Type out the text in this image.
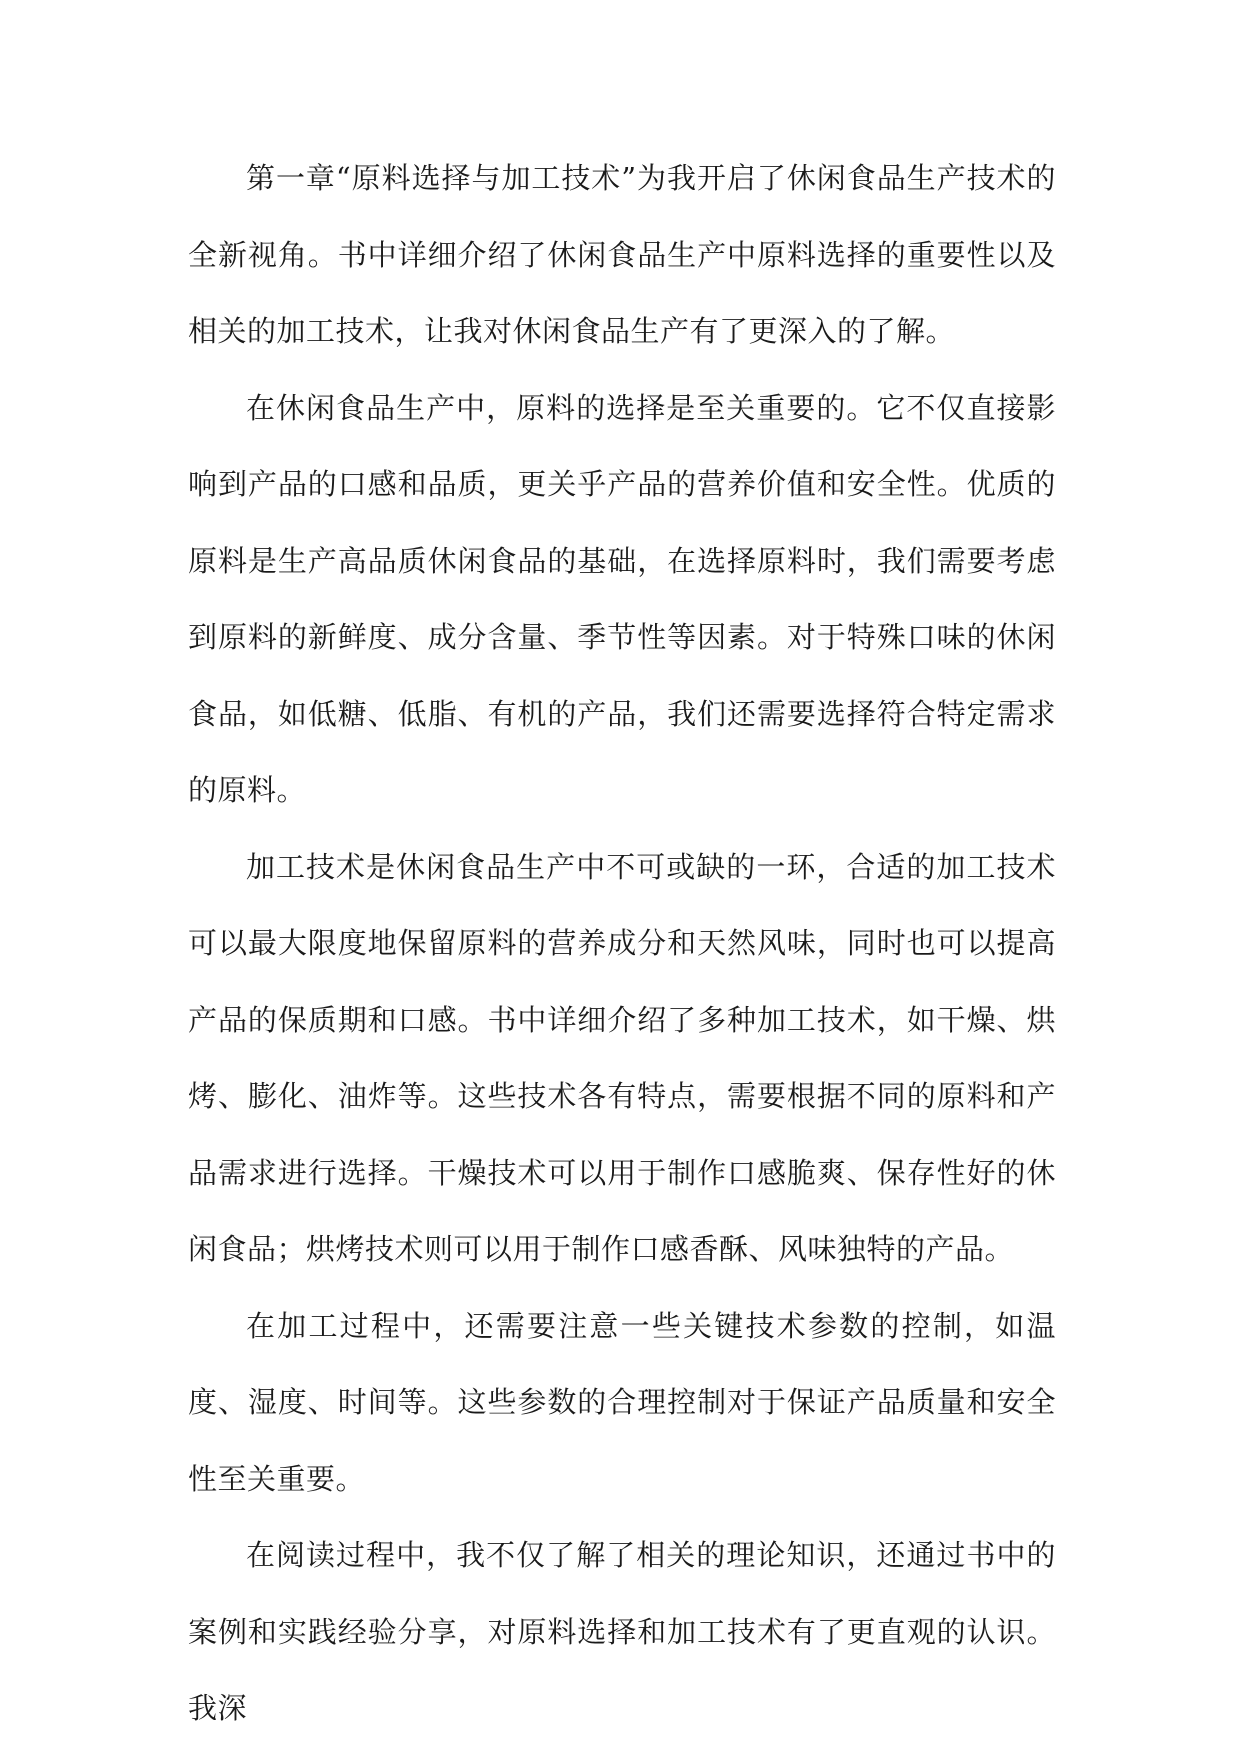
第一章“原料选择与加工技术”为我开启了休闲食品生产技术的全新视角。书中详细介绍了休闲食品生产中原料选择的重要性以及相关的加工技术，让我对休闲食品生产有了更深入的了解。

在休闲食品生产中，原料的选择是至关重要的。它不仅直接影响到产品的口感和品质，更关乎产品的营养价值和安全性。优质的原料是生产高品质休闲食品的基础，在选择原料时，我们需要考虑到原料的新鲜度、成分含量、季节性等因素。对于特殊口味的休闲食品，如低糖、低脂、有机的产品，我们还需要选择符合特定需求的原料。

加工技术是休闲食品生产中不可或缺的一环，合适的加工技术可以最大限度地保留原料的营养成分和天然风味，同时也可以提高产品的保质期和口感。书中详细介绍了多种加工技术，如干燥、烘烤、膨化、油炸等。这些技术各有特点，需要根据不同的原料和产品需求进行选择。干燥技术可以用于制作口感脆爽、保存性好的休闲食品；烘烤技术则可以用于制作口感香酥、风味独特的产品。

在加工过程中，还需要注意一些关键技术参数的控制，如温度、湿度、时间等。这些参数的合理控制对于保证产品质量和安全性至关重要。

在阅读过程中，我不仅了解了相关的理论知识，还通过书中的案例和实践经验分享，对原料选择和加工技术有了更直观的认识。我深
